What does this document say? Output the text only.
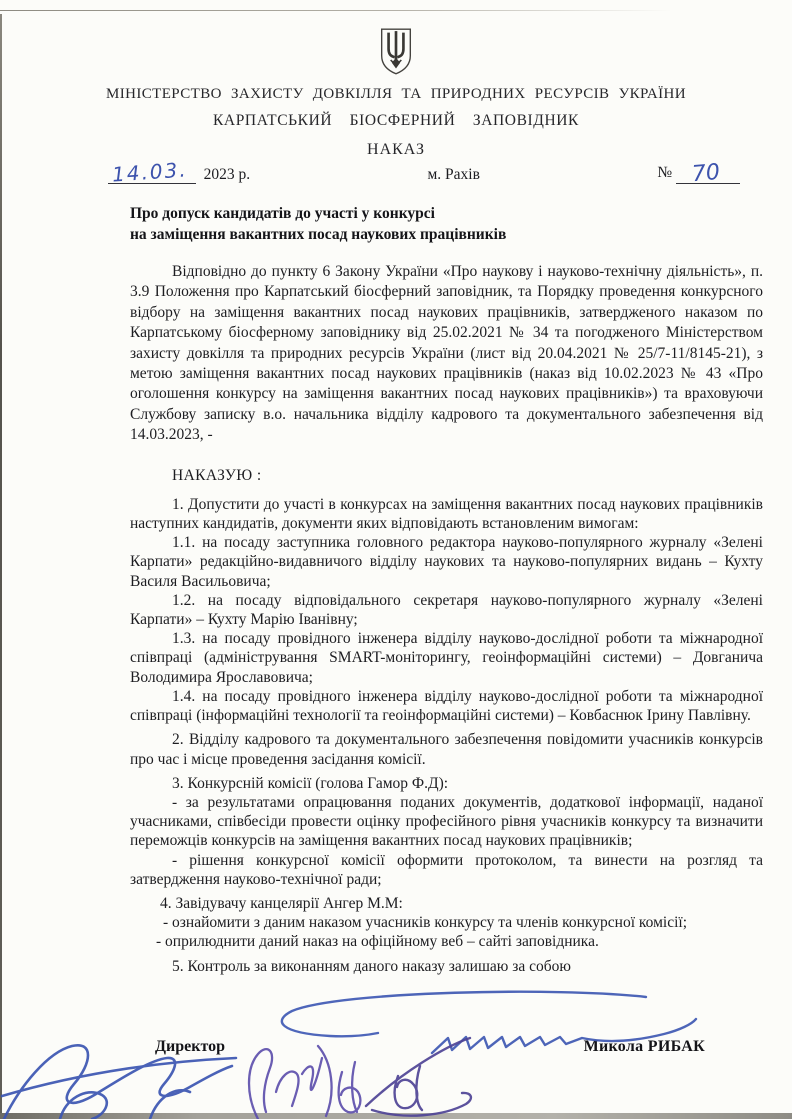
МІНІСТЕРСТВО ЗАХИСТУ ДОВКІЛЛЯ ТА ПРИРОДНИХ РЕСУРСІВ УКРАЇНИ
КАРПАТСЬКИЙ БІОСФЕРНИЙ ЗАПОВІДНИК
НАКАЗ
14.03. 2023 р.	м. Рахів	№ 70
Про допуск кандидатів до участі у конкурсі
на заміщення вакантних посад наукових працівників

Відповідно до пункту 6 Закону України «Про наукову і науково-технічну діяльність», п. 3.9 Положення про Карпатський біосферний заповідник, та Порядку проведення конкурсного відбору на заміщення вакантних посад наукових працівників, затвердженого наказом по Карпатському біосферному заповіднику від 25.02.2021 № 34 та погодженого Міністерством захисту довкілля та природних ресурсів України (лист від 20.04.2021 № 25/7-11/8145-21), з метою заміщення вакантних посад наукових працівників (наказ від 10.02.2023 № 43 «Про оголошення конкурсу на заміщення вакантних посад наукових працівників») та враховуючи Службову записку в.о. начальника відділу кадрового та документального забезпечення від 14.03.2023, -

НАКАЗУЮ :

1. Допустити до участі в конкурсах на заміщення вакантних посад наукових працівників наступних кандидатів, документи яких відповідають встановленим вимогам:

1.1. на посаду заступника головного редактора науково-популярного журналу «Зелені Карпати» редакційно-видавничого відділу наукових та науково-популярних видань – Кухту Василя Васильовича;

1.2. на посаду відповідального секретаря науково-популярного журналу «Зелені Карпати» – Кухту Марію Іванівну;

1.3. на посаду провідного інженера відділу науково-дослідної роботи та міжнародної співпраці (адміністрування SMART-моніторингу, геоінформаційні системи) – Довганича Володимира Ярославовича;

1.4. на посаду провідного інженера відділу науково-дослідної роботи та міжнародної співпраці (інформаційні технології та геоінформаційні системи) – Ковбаснюк Ірину Павлівну.

2. Відділу кадрового та документального забезпечення повідомити учасників конкурсів про час і місце проведення засідання комісії.

3. Конкурсній комісії (голова Гамор Ф.Д):

- за результатами опрацювання поданих документів, додаткової інформації, наданої учасниками, співбесіди провести оцінку професійного рівня учасників конкурсу та визначити переможців конкурсів на заміщення вакантних посад наукових працівників;

- рішення конкурсної комісії оформити протоколом, та винести на розгляд та затвердження науково-технічної ради;

4. Завідувачу канцелярії Ангер М.М:

- ознайомити з даним наказом учасників конкурсу та членів конкурсної комісії;

- оприлюднити даний наказ на офіційному веб – сайті заповідника.

5. Контроль за виконанням даного наказу залишаю за собою

Директор	Микола РИБАК
